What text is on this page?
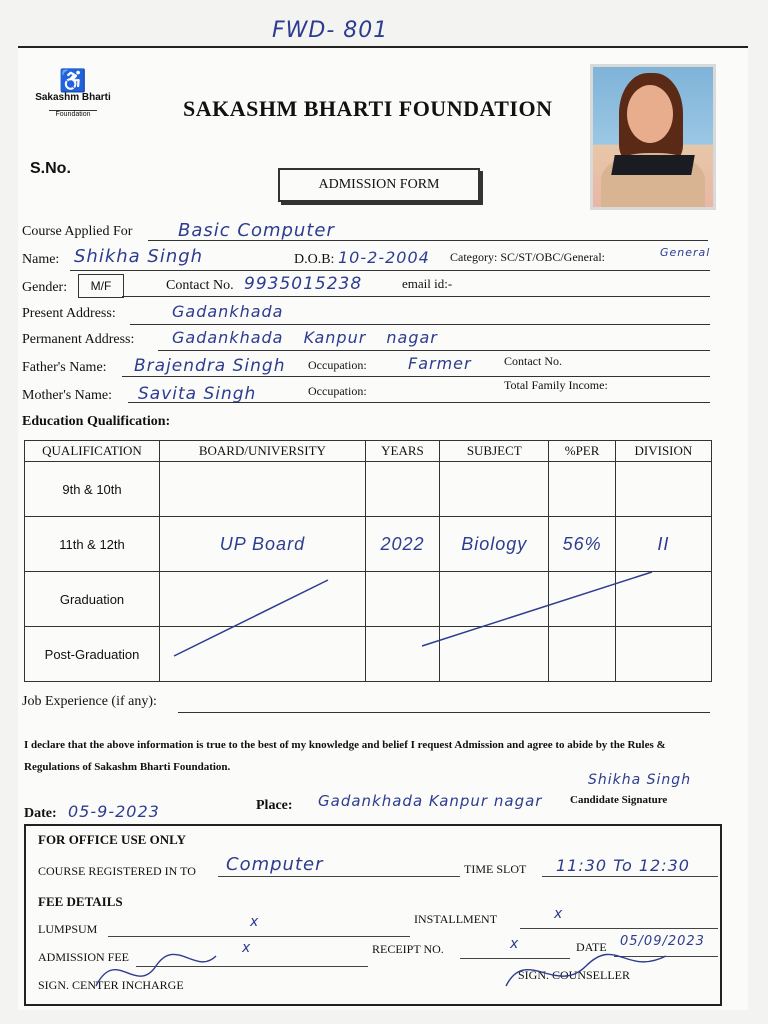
FWD- 801
♿
Sakashm Bharti
Foundation	SAKASHM BHARTI FOUNDATION
S.No.
ADMISSION FORM
Course Applied For	Basic Computer
Name: Shikha Singh	D.O.B: 10-2-2004 Category: SC/ST/OBC/General:	General
Gender:	M/F	Contact No. 9935015238	email id:-
Present Address:	Gadankhada
Permanent Address: Gadankhada Kanpur nagar
Father's Name: Brajendra Singh Occupation:	Farmer	Contact No.
Mother's Name: Savita Singh	Occupation:	Total Family Income:
Education Qualification:
QUALIFICATION	BOARD/UNIVERSITY	YEARS	SUBJECT	%PER	DIVISION
9th & 10th					
11th & 12th	UP Board	2022	Biology	56%	II
Graduation					
Post-Graduation					
Job Experience (if any):
I declare that the above information is true to the best of my knowledge and belief I request Admission and agree to abide by the Rules & Regulations of Sakashm Bharti Foundation.
Date: 05-9-2023	Place: Gadankhada Kanpur nagar	Candidate Signature
Shikha Singh
FOR OFFICE USE ONLY
COURSE REGISTERED IN TO Computer	TIME SLOT 11:30 To 12:30
FEE DETAILS
LUMPSUM	x	INSTALLMENT	x
ADMISSION FEE
x	RECEIPT NO.	x	DATE 05/09/2023
SIGN. CENTER INCHARGE
SIGN. COUNSELLER
